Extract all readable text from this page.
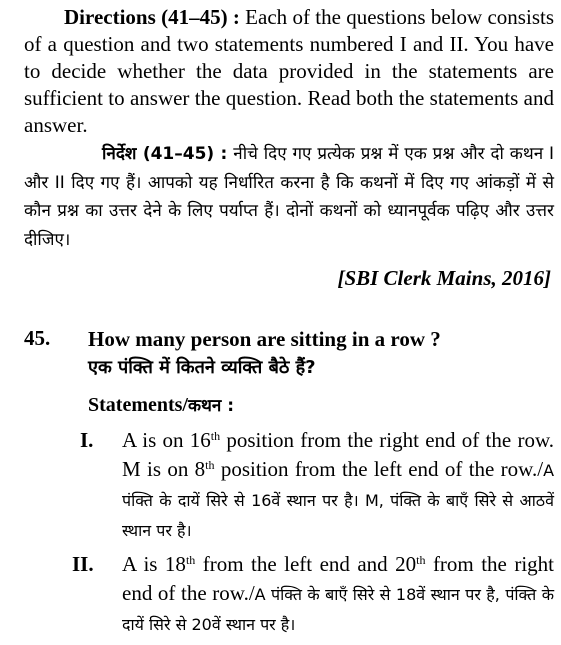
Directions (41–45) : Each of the questions below consists of a question and two statements numbered I and II. You have to decide whether the data provided in the statements are sufficient to answer the question. Read both the statements and answer.
निर्देश (41–45) : नीचे दिए गए प्रत्येक प्रश्न में एक प्रश्न और दो कथन I और II दिए गए हैं। आपको यह निर्धारित करना है कि कथनों में दिए गए आंकड़ों में से कौन प्रश्न का उत्तर देने के लिए पर्याप्त हैं। दोनों कथनों को ध्यानपूर्वक पढ़िए और उत्तर दीजिए।
[SBI Clerk Mains, 2016]
45. How many person are sitting in a row ?
एक पंक्ति में कितने व्यक्ति बैठे हैं?
Statements/कथन :
I. A is on 16th position from the right end of the row. M is on 8th position from the left end of the row./A पंक्ति के दायें सिरे से 16वें स्थान पर है। M, पंक्ति के बाएँ सिरे से आठवें स्थान पर है।
II. A is 18th from the left end and 20th from the right end of the row./A पंक्ति के बाएँ सिरे से 18वें स्थान पर है, पंक्ति के दायें सिरे से 20वें स्थान पर है।
